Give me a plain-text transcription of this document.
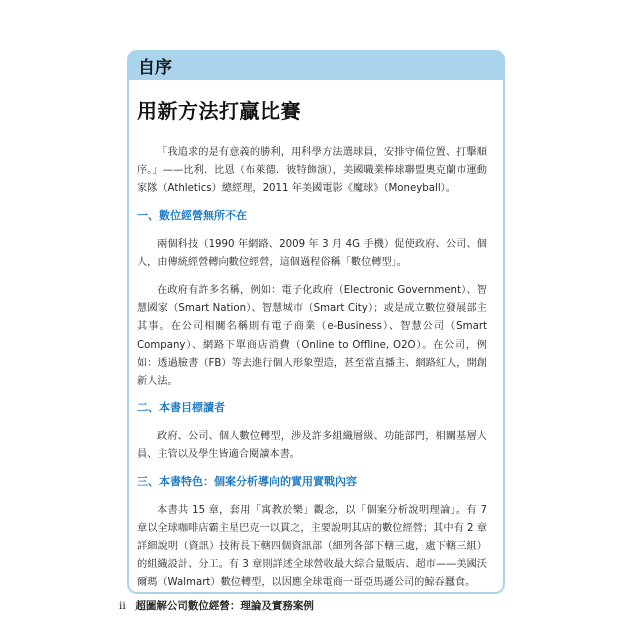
自序
用新方法打贏比賽

「我追求的是有意義的勝利，用科學方法選球員，安排守備位置、打擊順序。」——比利．比恩（布萊德．彼特飾演），美國職業棒球聯盟奧克蘭市運動家隊（Athletics）總經理，2011 年美國電影《魔球》（Moneyball）。

一、數位經營無所不在

兩個科技（1990 年網路、2009 年 3 月 4G 手機）促使政府、公司、個人，由傳統經營轉向數位經營，這個過程俗稱「數位轉型」。

在政府有許多名稱，例如：電子化政府（Electronic Government）、智慧國家（Smart Nation）、智慧城市（Smart City）；或是成立數位發展部主其事。在公司相關名稱則有電子商業（e-Business）、智慧公司（Smart Company）、網路下單商店消費（Online to Offline, O2O）。在公司，例如：透過臉書（FB）等去進行個人形象塑造，甚至當直播主、網路紅人，開創新人法。

二、本書目標讀者

政府、公司、個人數位轉型，涉及許多組織層級、功能部門，相關基層人員、主管以及學生皆適合閱讀本書。

三、本書特色：個案分析導向的實用實戰內容

本書共 15 章，套用「寓教於樂」觀念，以「個案分析說明理論」。有 7 章以全球咖啡店霸主星巴克一以貫之，主要說明其店的數位經營；其中有 2 章詳細說明（資訊）技術長下轄四個資訊部（細列各部下轄三處，處下轄三組）的組織設計、分工。有 3 章則詳述全球營收最大綜合量販店、超市——美國沃爾瑪（Walmart）數位轉型，以因應全球電商一哥亞馬遜公司的鯨吞蠶食。

ii 超圖解公司數位經營：理論及實務案例
